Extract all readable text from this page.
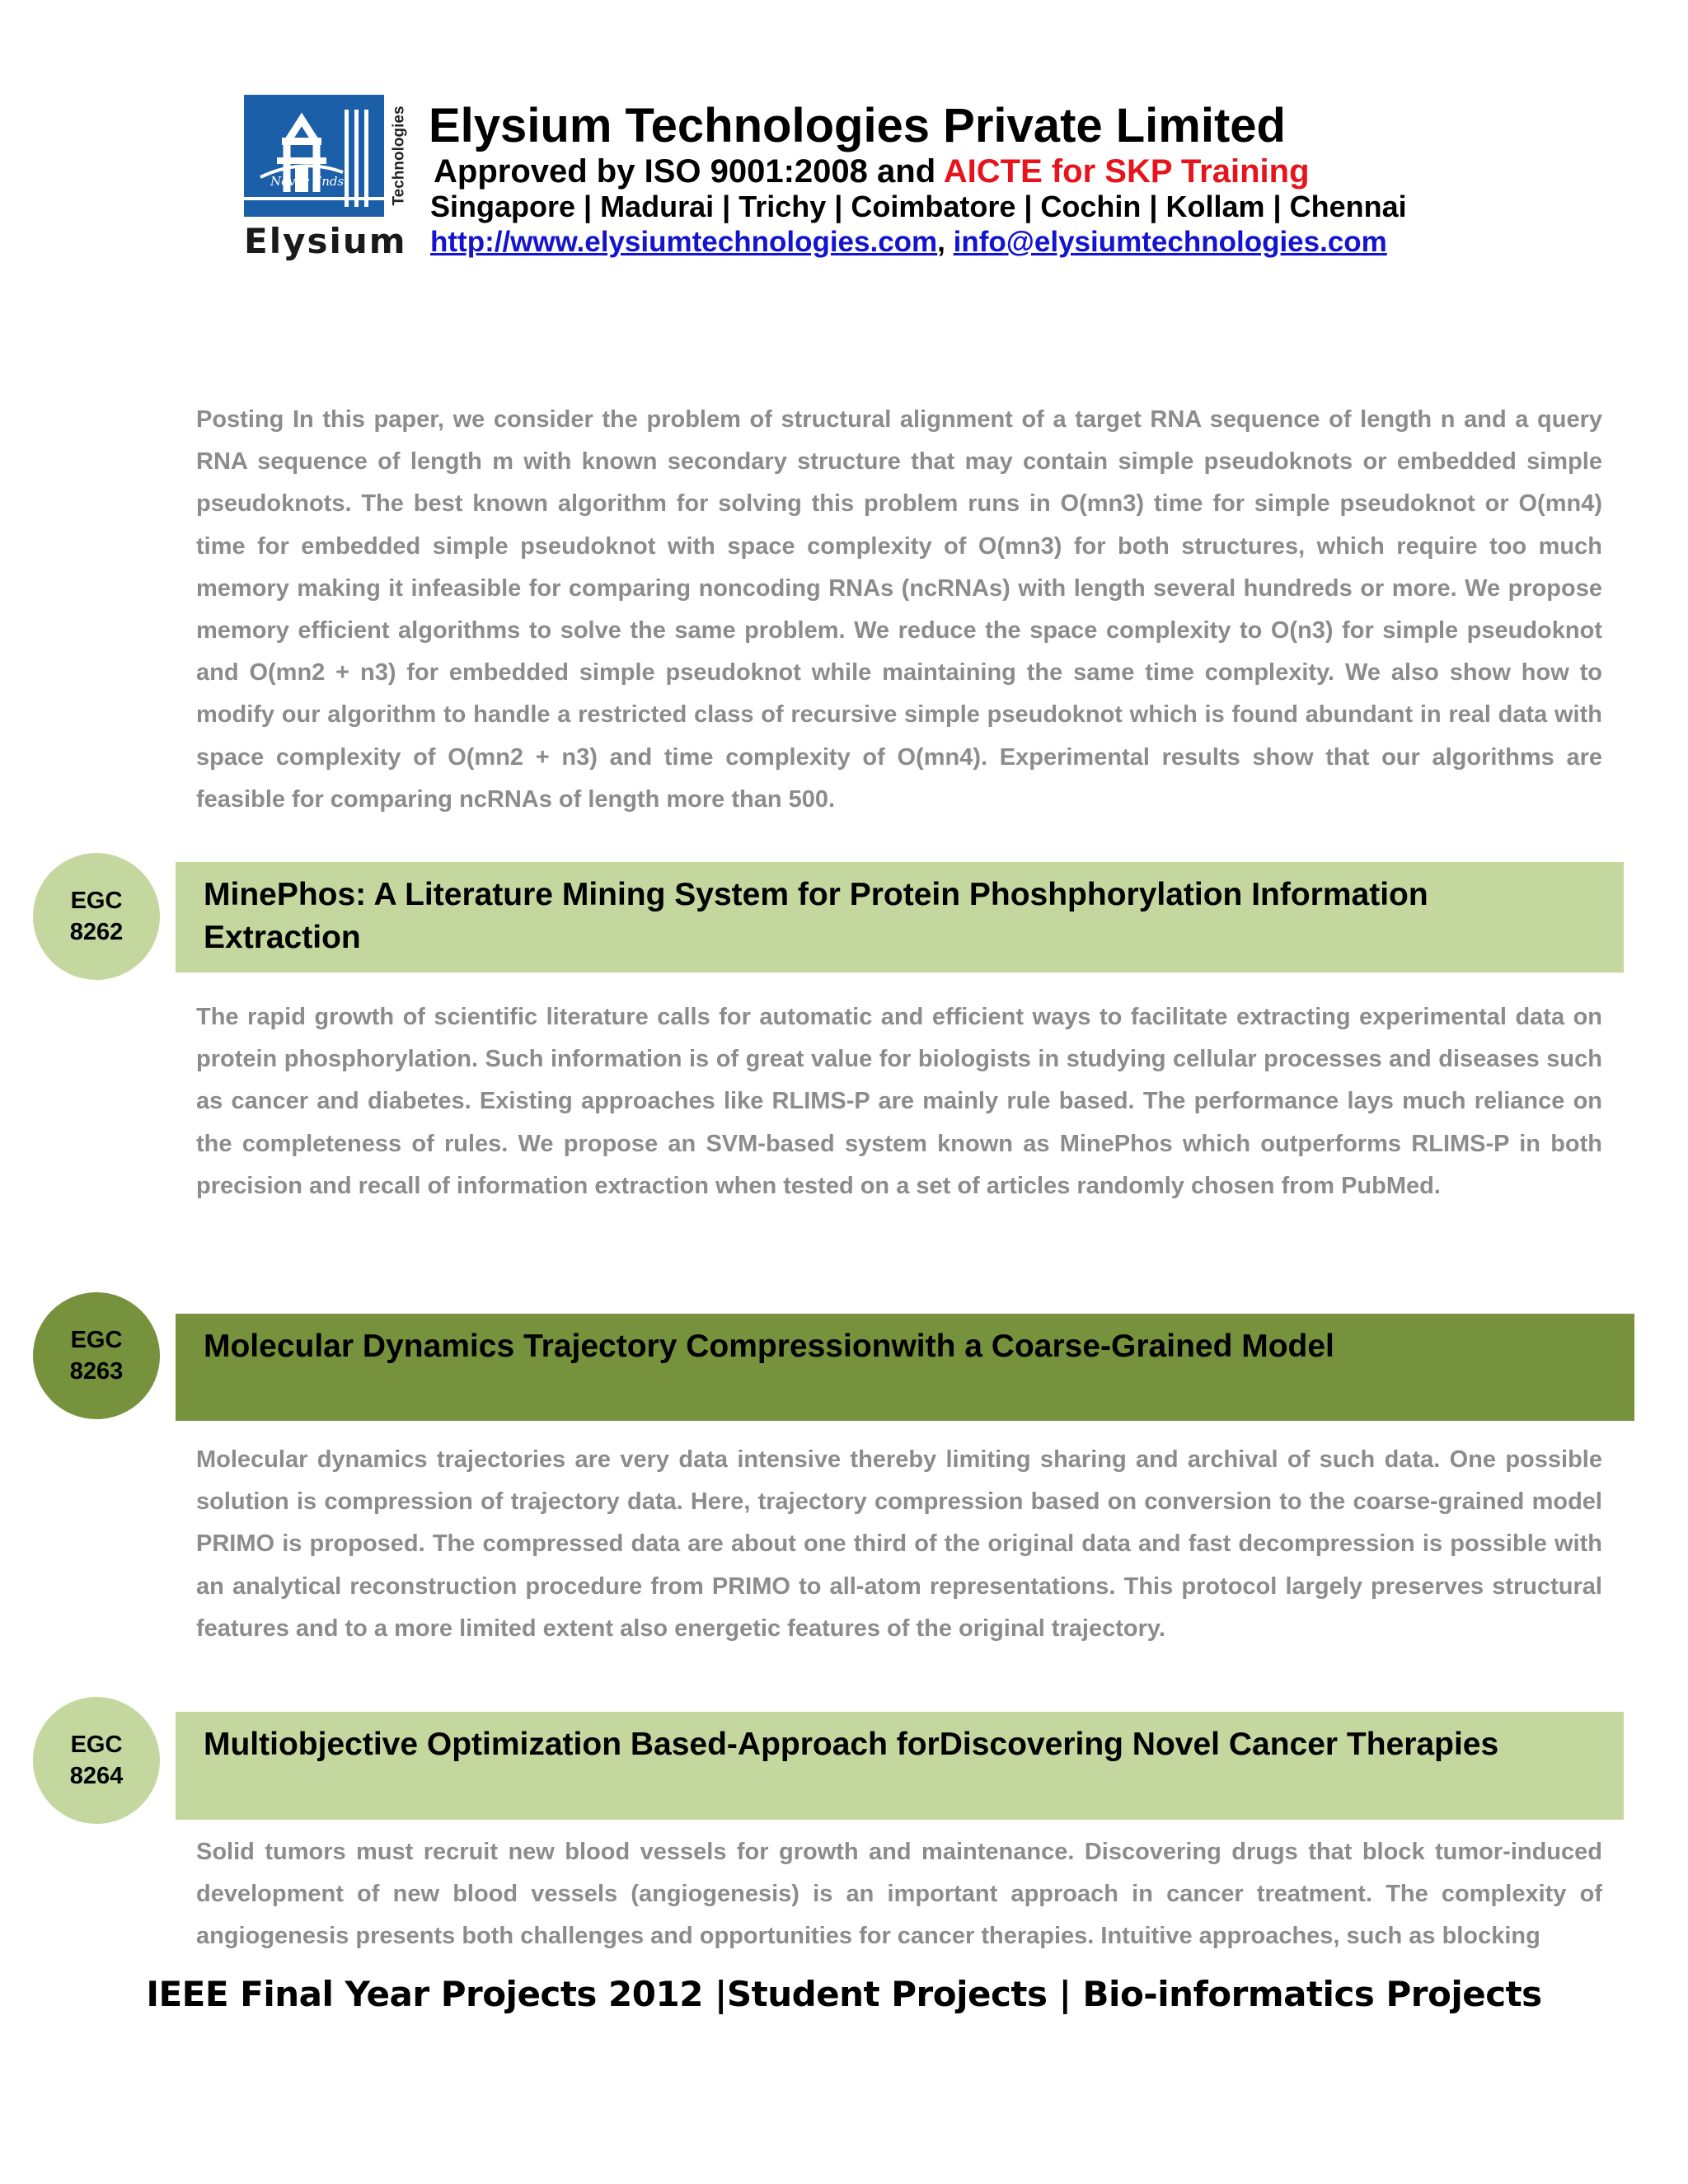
Never Ends	Technologies
Elysium
Elysium Technologies Private Limited
Approved by ISO 9001:2008 and AICTE for SKP Training
Singapore | Madurai | Trichy | Coimbatore | Cochin | Kollam | Chennai
http://www.elysiumtechnologies.com, info@elysiumtechnologies.com

Posting In this paper, we consider the problem of structural alignment of a target RNA sequence of length n and a query RNA sequence of length m with known secondary structure that may contain simple pseudoknots or embedded simple pseudoknots. The best known algorithm for solving this problem runs in O(mn3) time for simple pseudoknot or O(mn4) time for embedded simple pseudoknot with space complexity of O(mn3) for both structures, which require too much memory making it infeasible for comparing noncoding RNAs (ncRNAs) with length several hundreds or more. We propose memory efficient algorithms to solve the same problem. We reduce the space complexity to O(n3) for simple pseudoknot and O(mn2 + n3) for embedded simple pseudoknot while maintaining the same time complexity. We also show how to modify our algorithm to handle a restricted class of recursive simple pseudoknot which is found abundant in real data with space complexity of O(mn2 + n3) and time complexity of O(mn4). Experimental results show that our algorithms are feasible for comparing ncRNAs of length more than 500.

EGC
8262
MinePhos: A Literature Mining System for Protein Phoshphorylation Information Extraction

The rapid growth of scientific literature calls for automatic and efficient ways to facilitate extracting experimental data on protein phosphorylation. Such information is of great value for biologists in studying cellular processes and diseases such as cancer and diabetes. Existing approaches like RLIMS-P are mainly rule based. The performance lays much reliance on the completeness of rules. We propose an SVM-based system known as MinePhos which outperforms RLIMS-P in both precision and recall of information extraction when tested on a set of articles randomly chosen from PubMed.

EGC
8263
Molecular Dynamics Trajectory Compressionwith a Coarse-Grained Model

Molecular dynamics trajectories are very data intensive thereby limiting sharing and archival of such data. One possible solution is compression of trajectory data. Here, trajectory compression based on conversion to the coarse-grained model PRIMO is proposed. The compressed data are about one third of the original data and fast decompression is possible with an analytical reconstruction procedure from PRIMO to all-atom representations. This protocol largely preserves structural features and to a more limited extent also energetic features of the original trajectory.

EGC
8264
Multiobjective Optimization Based-Approach forDiscovering Novel Cancer Therapies

Solid tumors must recruit new blood vessels for growth and maintenance. Discovering drugs that block tumor-induced development of new blood vessels (angiogenesis) is an important approach in cancer treatment. The complexity of angiogenesis presents both challenges and opportunities for cancer therapies. Intuitive approaches, such as blocking

IEEE Final Year Projects 2012 |Student Projects | Bio-informatics Projects
